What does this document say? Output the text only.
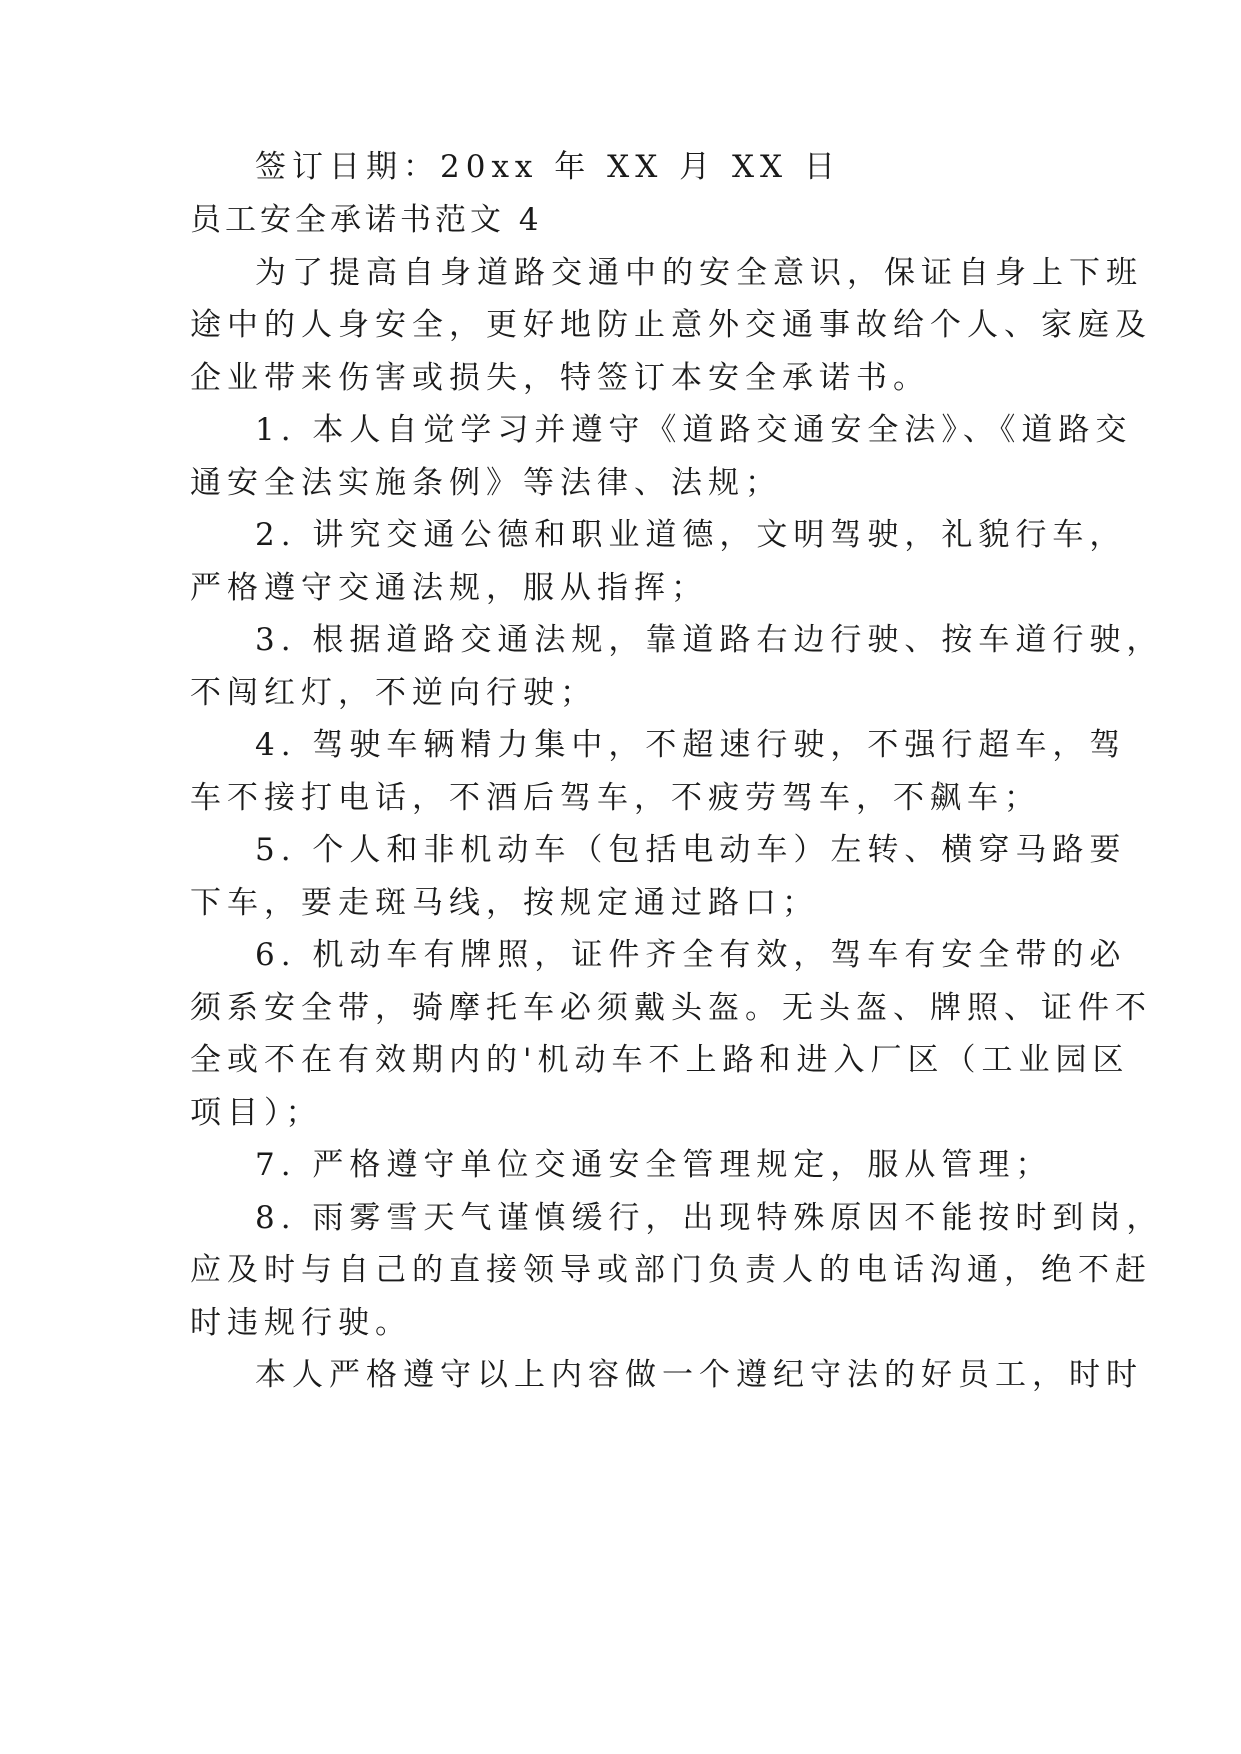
签订日期：20xx 年 XX 月 XX 日
员工安全承诺书范文 4
为了提高自身道路交通中的安全意识，保证自身上下班
途中的人身安全，更好地防止意外交通事故给个人、家庭及
企业带来伤害或损失，特签订本安全承诺书。
1. 本人自觉学习并遵守《道路交通安全法》、《道路交
通安全法实施条例》等法律、法规；
2. 讲究交通公德和职业道德，文明驾驶，礼貌行车，
严格遵守交通法规，服从指挥；
3. 根据道路交通法规，靠道路右边行驶、按车道行驶，
不闯红灯，不逆向行驶；
4. 驾驶车辆精力集中，不超速行驶，不强行超车，驾
车不接打电话，不酒后驾车，不疲劳驾车，不飙车；
5. 个人和非机动车（包括电动车）左转、横穿马路要
下车，要走斑马线，按规定通过路口；
6. 机动车有牌照，证件齐全有效，驾车有安全带的必
须系安全带，骑摩托车必须戴头盔。无头盔、牌照、证件不
全或不在有效期内的'机动车不上路和进入厂区（工业园区
项目）；
7. 严格遵守单位交通安全管理规定，服从管理；
8. 雨雾雪天气谨慎缓行，出现特殊原因不能按时到岗，
应及时与自己的直接领导或部门负责人的电话沟通，绝不赶
时违规行驶。
本人严格遵守以上内容做一个遵纪守法的好员工，时时
